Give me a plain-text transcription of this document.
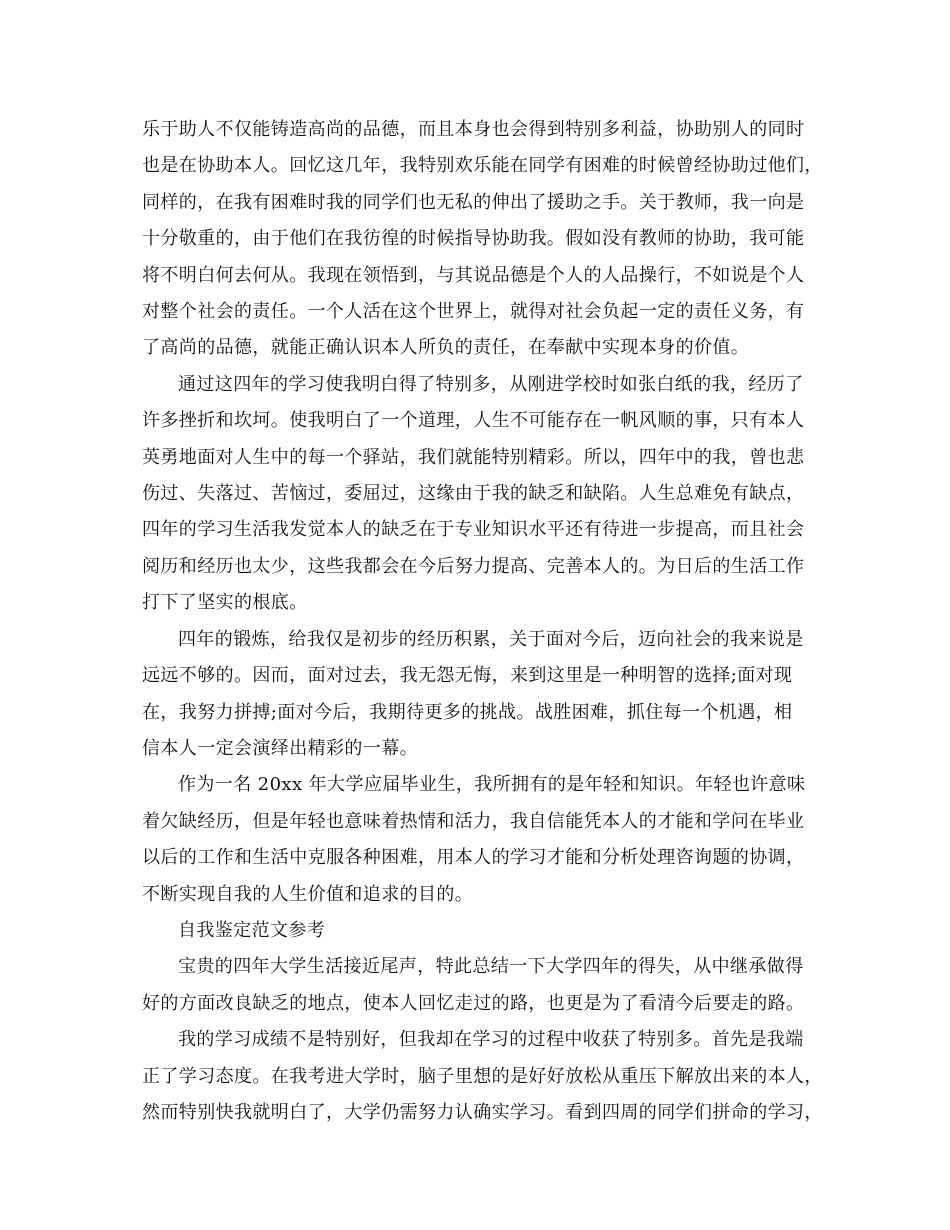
乐于助人不仅能铸造高尚的品德，而且本身也会得到特别多利益，协助别人的同时
也是在协助本人。回忆这几年，我特别欢乐能在同学有困难的时候曾经协助过他们，
同样的，在我有困难时我的同学们也无私的伸出了援助之手。关于教师，我一向是
十分敬重的，由于他们在我彷徨的时候指导协助我。假如没有教师的协助，我可能
将不明白何去何从。我现在领悟到，与其说品德是个人的人品操行，不如说是个人
对整个社会的责任。一个人活在这个世界上，就得对社会负起一定的责任义务，有
了高尚的品德，就能正确认识本人所负的责任，在奉献中实现本身的价值。

通过这四年的学习使我明白得了特别多，从刚进学校时如张白纸的我，经历了
许多挫折和坎坷。使我明白了一个道理，人生不可能存在一帆风顺的事，只有本人
英勇地面对人生中的每一个驿站，我们就能特别精彩。所以，四年中的我，曾也悲
伤过、失落过、苦恼过，委屈过，这缘由于我的缺乏和缺陷。人生总难免有缺点，
四年的学习生活我发觉本人的缺乏在于专业知识水平还有待进一步提高，而且社会
阅历和经历也太少，这些我都会在今后努力提高、完善本人的。为日后的生活工作
打下了坚实的根底。

四年的锻炼，给我仅是初步的经历积累，关于面对今后，迈向社会的我来说是
远远不够的。因而，面对过去，我无怨无悔，来到这里是一种明智的选择;面对现
在，我努力拼搏;面对今后，我期待更多的挑战。战胜困难，抓住每一个机遇，相
信本人一定会演绎出精彩的一幕。

作为一名 20xx 年大学应届毕业生，我所拥有的是年轻和知识。年轻也许意味
着欠缺经历，但是年轻也意味着热情和活力，我自信能凭本人的才能和学问在毕业
以后的工作和生活中克服各种困难，用本人的学习才能和分析处理咨询题的协调，
不断实现自我的人生价值和追求的目的。

自我鉴定范文参考

宝贵的四年大学生活接近尾声，特此总结一下大学四年的得失，从中继承做得
好的方面改良缺乏的地点，使本人回忆走过的路，也更是为了看清今后要走的路。

我的学习成绩不是特别好，但我却在学习的过程中收获了特别多。首先是我端
正了学习态度。在我考进大学时，脑子里想的是好好放松从重压下解放出来的本人，
然而特别快我就明白了，大学仍需努力认确实学习。看到四周的同学们拼命的学习，
